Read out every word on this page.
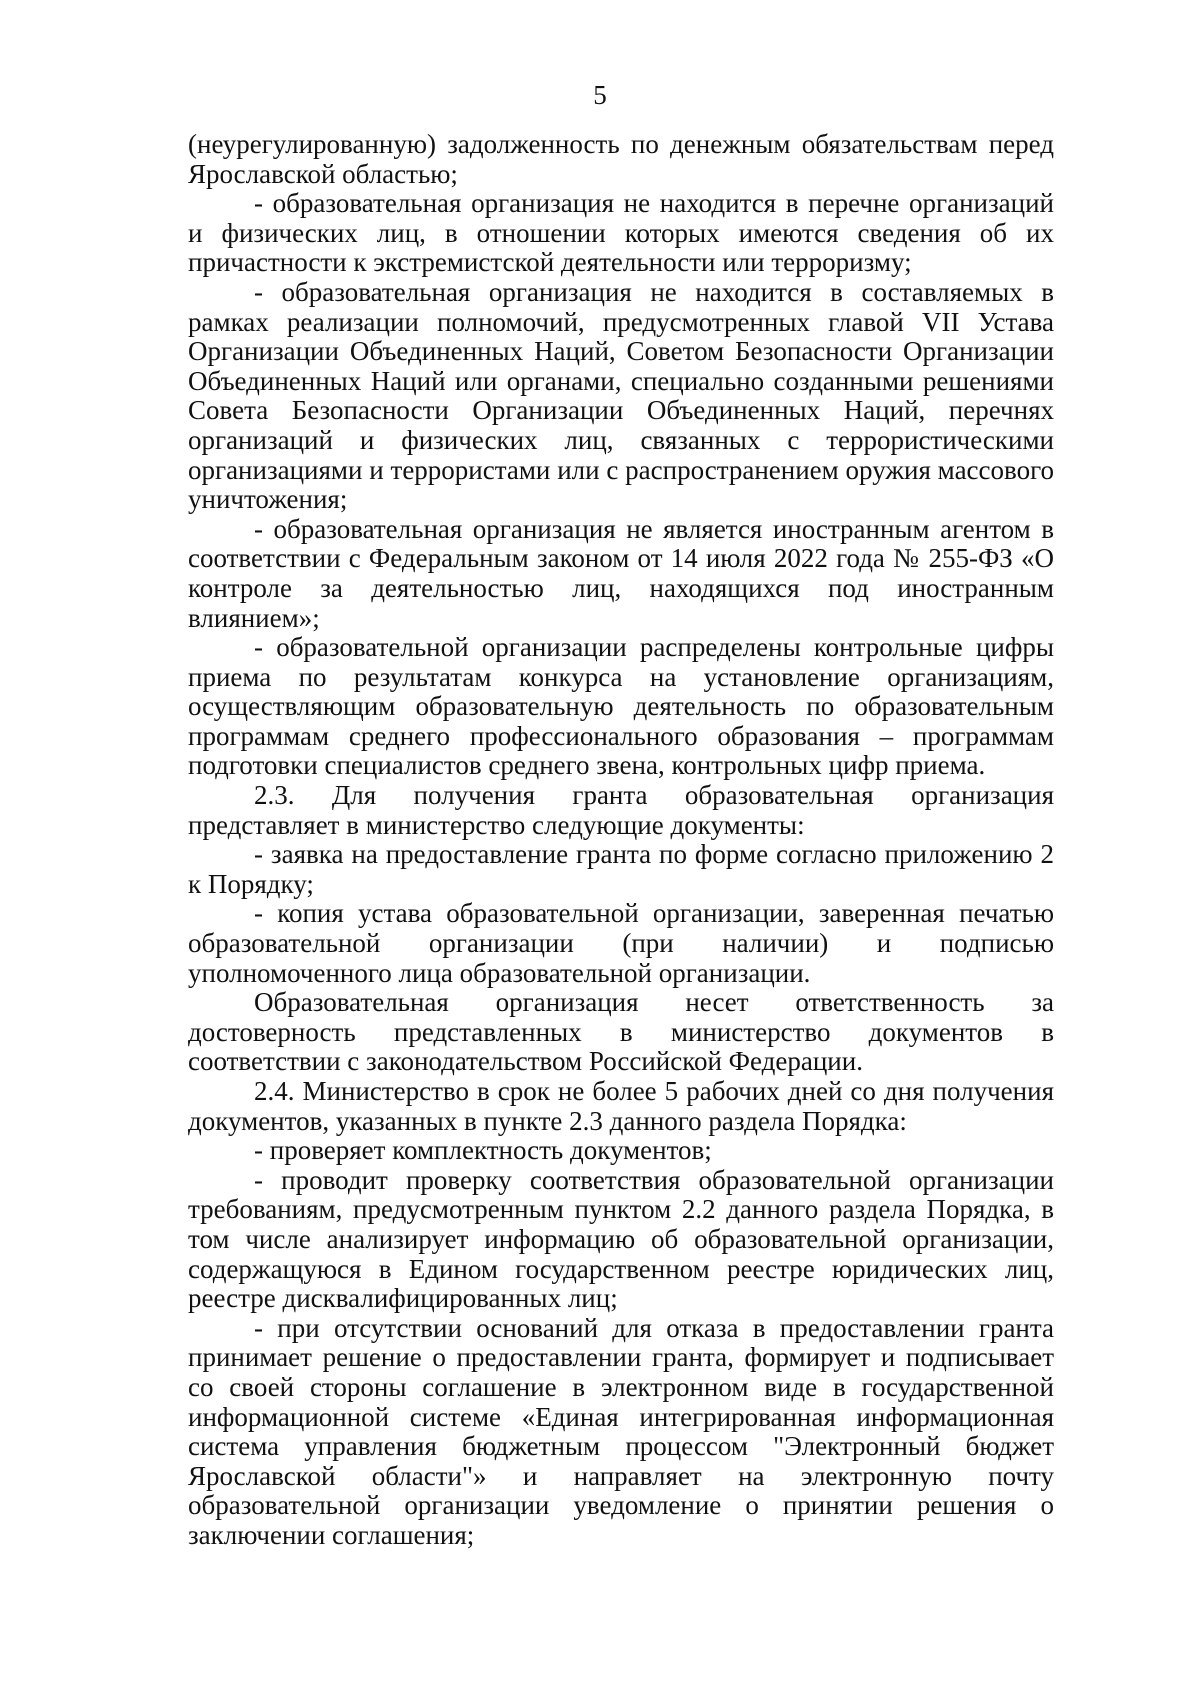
5

(неурегулированную) задолженность по денежным обязательствам перед Ярославской областью;

- образовательная организация не находится в перечне организаций и физических лиц, в отношении которых имеются сведения об их причастности к экстремистской деятельности или терроризму;

- образовательная организация не находится в составляемых в рамках реализации полномочий, предусмотренных главой VII Устава Организации Объединенных Наций, Советом Безопасности Организации Объединенных Наций или органами, специально созданными решениями Совета Безопасности Организации Объединенных Наций, перечнях организаций и физических лиц, связанных с террористическими организациями и террористами или с распространением оружия массового уничтожения;

- образовательная организация не является иностранным агентом в соответствии с Федеральным законом от 14 июля 2022 года № 255-ФЗ «О контроле за деятельностью лиц, находящихся под иностранным влиянием»;

- образовательной организации распределены контрольные цифры приема по результатам конкурса на установление организациям, осуществляющим образовательную деятельность по образовательным программам среднего профессионального образования – программам подготовки специалистов среднего звена, контрольных цифр приема.

2.3. Для получения гранта образовательная организация представляет в министерство следующие документы:

- заявка на предоставление гранта по форме согласно приложению 2 к Порядку;

- копия устава образовательной организации, заверенная печатью образовательной организации (при наличии) и подписью уполномоченного лица образовательной организации.

Образовательная организация несет ответственность за достоверность представленных в министерство документов в соответствии с законодательством Российской Федерации.

2.4. Министерство в срок не более 5 рабочих дней со дня получения документов, указанных в пункте 2.3 данного раздела Порядка:

- проверяет комплектность документов;

- проводит проверку соответствия образовательной организации требованиям, предусмотренным пунктом 2.2 данного раздела Порядка, в том числе анализирует информацию об образовательной организации, содержащуюся в Едином государственном реестре юридических лиц, реестре дисквалифицированных лиц;

- при отсутствии оснований для отказа в предоставлении гранта принимает решение о предоставлении гранта, формирует и подписывает со своей стороны соглашение в электронном виде в государственной информационной системе «Единая интегрированная информационная система управления бюджетным процессом "Электронный бюджет Ярославской области"» и направляет на электронную почту образовательной организации уведомление о принятии решения о заключении соглашения;
